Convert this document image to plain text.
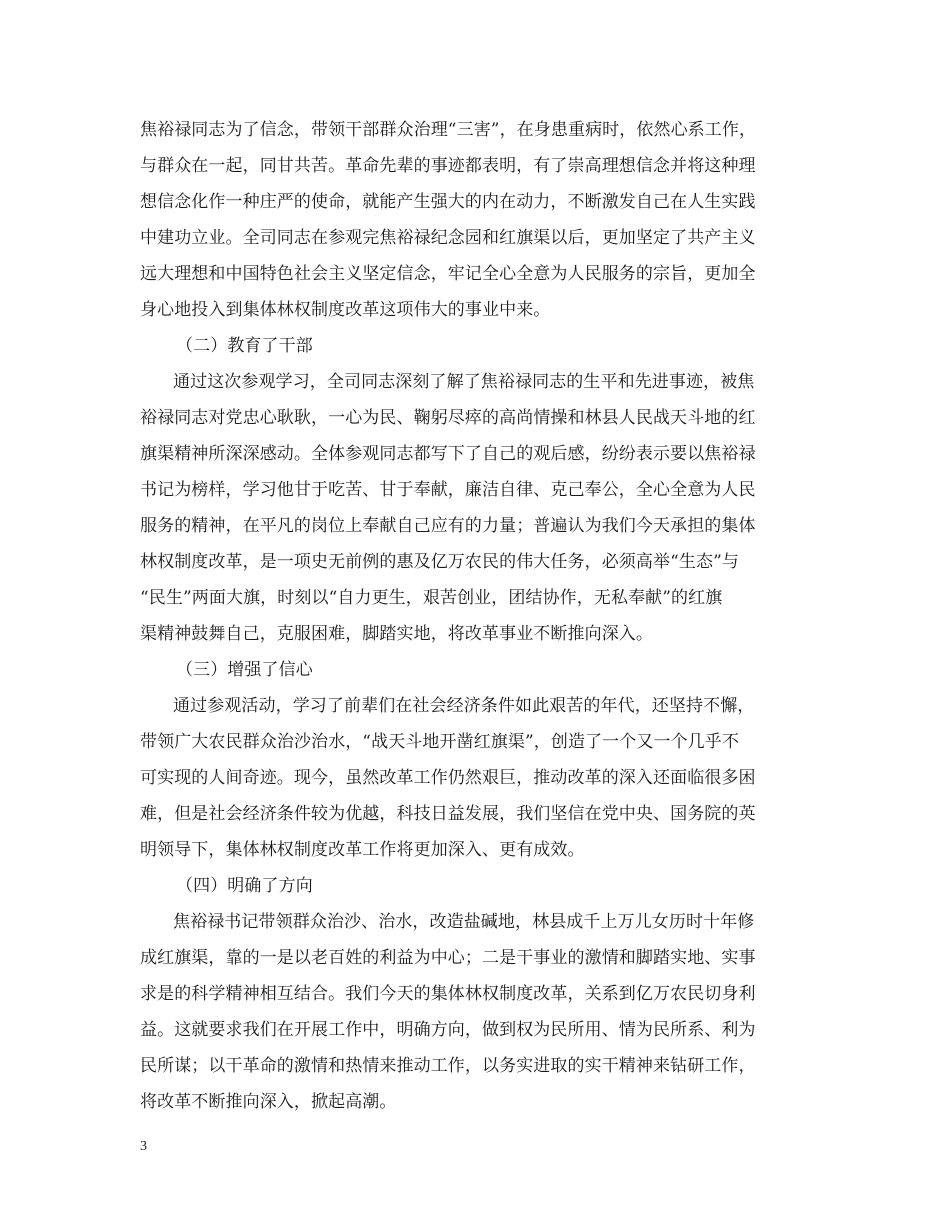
焦裕禄同志为了信念，带领干部群众治理“三害”，在身患重病时，依然心系工作，
与群众在一起，同甘共苦。革命先辈的事迹都表明，有了崇高理想信念并将这种理
想信念化作一种庄严的使命，就能产生强大的内在动力，不断激发自己在人生实践
中建功立业。全司同志在参观完焦裕禄纪念园和红旗渠以后，更加坚定了共产主义
远大理想和中国特色社会主义坚定信念，牢记全心全意为人民服务的宗旨，更加全
身心地投入到集体林权制度改革这项伟大的事业中来。
（二）教育了干部
通过这次参观学习，全司同志深刻了解了焦裕禄同志的生平和先进事迹，被焦
裕禄同志对党忠心耿耿，一心为民、鞠躬尽瘁的高尚情操和林县人民战天斗地的红
旗渠精神所深深感动。全体参观同志都写下了自己的观后感，纷纷表示要以焦裕禄
书记为榜样，学习他甘于吃苦、甘于奉献，廉洁自律、克己奉公，全心全意为人民
服务的精神，在平凡的岗位上奉献自己应有的力量；普遍认为我们今天承担的集体
林权制度改革，是一项史无前例的惠及亿万农民的伟大任务，必须高举“生态”与
“民生”两面大旗，时刻以“自力更生，艰苦创业，团结协作，无私奉献”的红旗
渠精神鼓舞自己，克服困难，脚踏实地，将改革事业不断推向深入。
（三）增强了信心
通过参观活动，学习了前辈们在社会经济条件如此艰苦的年代，还坚持不懈，
带领广大农民群众治沙治水，“战天斗地开凿红旗渠”，创造了一个又一个几乎不
可实现的人间奇迹。现今，虽然改革工作仍然艰巨，推动改革的深入还面临很多困
难，但是社会经济条件较为优越，科技日益发展，我们坚信在党中央、国务院的英
明领导下，集体林权制度改革工作将更加深入、更有成效。
（四）明确了方向
焦裕禄书记带领群众治沙、治水，改造盐碱地，林县成千上万儿女历时十年修
成红旗渠，靠的一是以老百姓的利益为中心；二是干事业的激情和脚踏实地、实事
求是的科学精神相互结合。我们今天的集体林权制度改革，关系到亿万农民切身利
益。这就要求我们在开展工作中，明确方向，做到权为民所用、情为民所系、利为
民所谋；以干革命的激情和热情来推动工作，以务实进取的实干精神来钻研工作，
将改革不断推向深入，掀起高潮。
3
